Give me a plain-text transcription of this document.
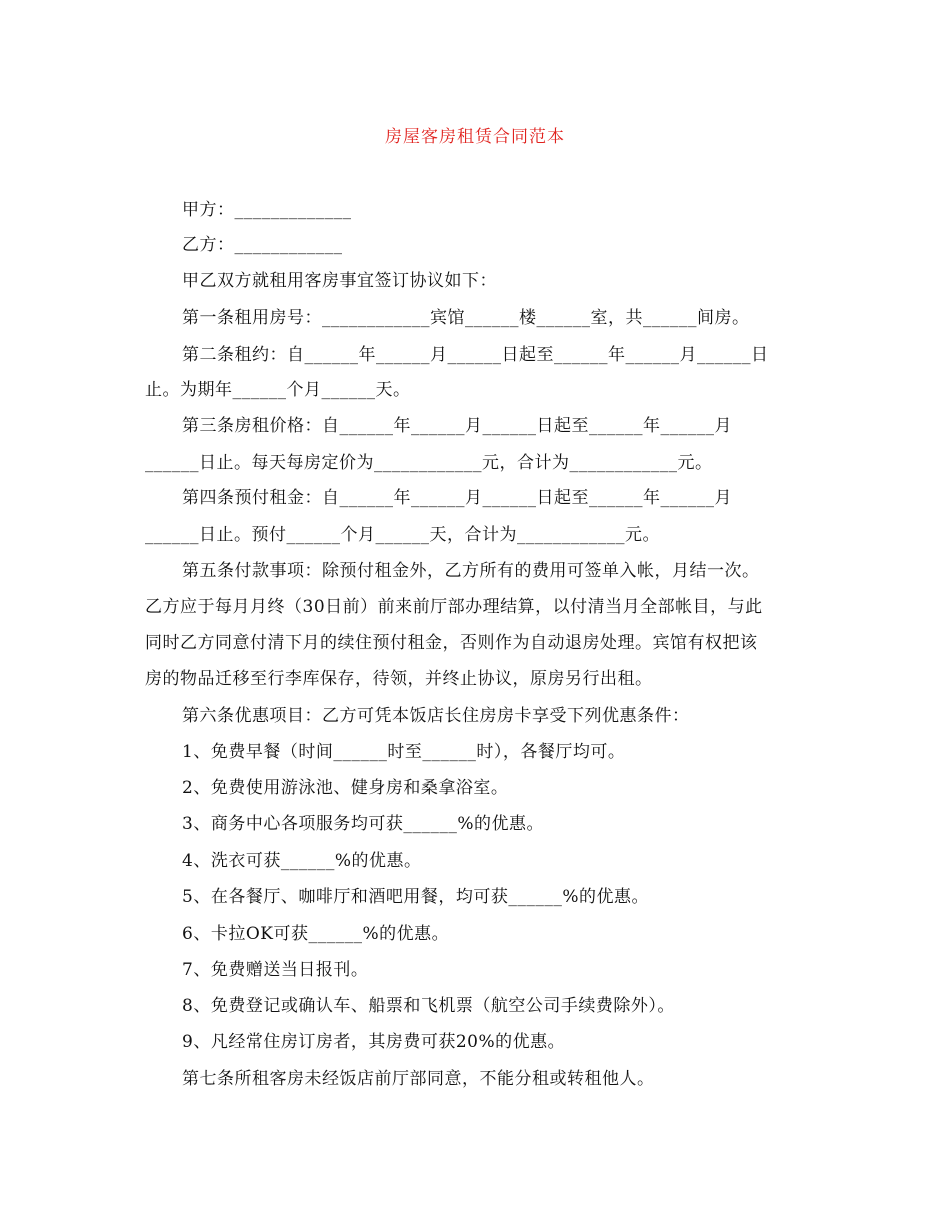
房屋客房租赁合同范本
甲方：_____________
乙方：____________
甲乙双方就租用客房事宜签订协议如下：
第一条租用房号：____________宾馆______楼______室，共______间房。
第二条租约：自______年______月______日起至______年______月______日
止。为期年______个月______天。
第三条房租价格：自______年______月______日起至______年______月
______日止。每天每房定价为____________元，合计为____________元。
第四条预付租金：自______年______月______日起至______年______月
______日止。预付______个月______天，合计为____________元。
第五条付款事项：除预付租金外，乙方所有的费用可签单入帐，月结一次。
乙方应于每月月终（30日前）前来前厅部办理结算，以付清当月全部帐目，与此
同时乙方同意付清下月的续住预付租金，否则作为自动退房处理。宾馆有权把该
房的物品迁移至行李库保存，待领，并终止协议，原房另行出租。
第六条优惠项目：乙方可凭本饭店长住房房卡享受下列优惠条件：
1、免费早餐（时间______时至______时），各餐厅均可。
2、免费使用游泳池、健身房和桑拿浴室。
3、商务中心各项服务均可获______%的优惠。
4、洗衣可获______%的优惠。
5、在各餐厅、咖啡厅和酒吧用餐，均可获______%的优惠。
6、卡拉OK可获______%的优惠。
7、免费赠送当日报刊。
8、免费登记或确认车、船票和飞机票（航空公司手续费除外）。
9、凡经常住房订房者，其房费可获20%的优惠。
第七条所租客房未经饭店前厅部同意，不能分租或转租他人。
